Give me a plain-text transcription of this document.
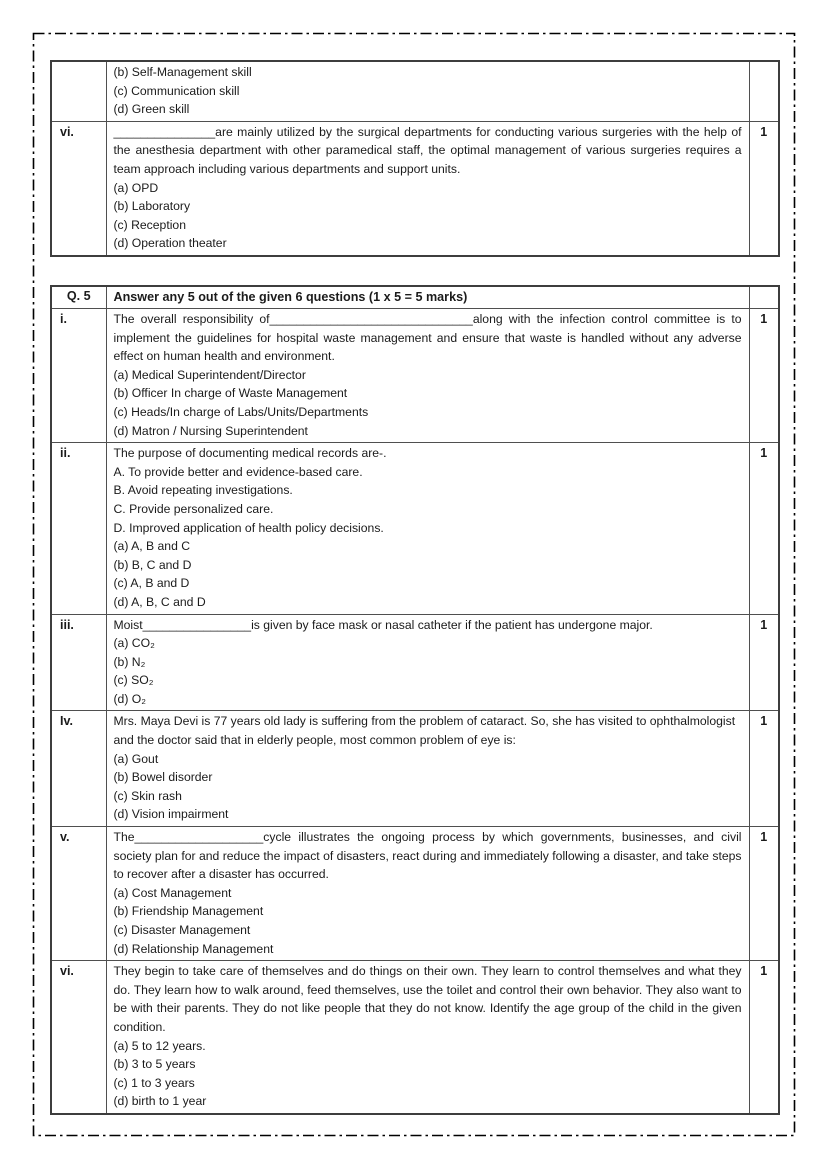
	(b) Self-Management skill
(c) Communication skill
(d) Green skill	

vi.	_______________are mainly utilized by the surgical departments for conducting various surgeries with the help of the anesthesia department with other paramedical staff, the optimal management of various surgeries requires a team approach including various departments and support units.
(a) OPD
(b) Laboratory
(c) Reception
(d) Operation theater	1
Q. 5	Answer any 5 out of the given 6 questions (1 x 5 = 5 marks)	
i.	The overall responsibility of______________________________along with the infection control committee is to implement the guidelines for hospital waste management and ensure that waste is handled without any adverse effect on human health and environment.
(a) Medical Superintendent/Director
(b) Officer In charge of Waste Management
(c) Heads/In charge of Labs/Units/Departments
(d) Matron / Nursing Superintendent	1
ii.	The purpose of documenting medical records are-.
A. To provide better and evidence-based care.
B. Avoid repeating investigations.
C. Provide personalized care.
D. Improved application of health policy decisions.
(a) A, B and C
(b) B, C and D
(c) A, B and D
(d) A, B, C and D
	1
iii.	Moist________________is given by face mask or nasal catheter if the patient has undergone major.
(a) CO₂
(b) N₂
(c) SO₂
(d) O₂	1
Iv.	Mrs. Maya Devi is 77 years old lady is suffering from the problem of cataract. So, she has visited to ophthalmologist and the doctor said that in elderly people, most common problem of eye is:
(a) Gout
(b) Bowel disorder
(c) Skin rash
(d) Vision impairment	1
v.	The___________________cycle illustrates the ongoing process by which governments, businesses, and civil society plan for and reduce the impact of disasters, react during and immediately following a disaster, and take steps to recover after a disaster has occurred.
(a) Cost Management
(b) Friendship Management
(c) Disaster Management
(d) Relationship Management	1
vi.	They begin to take care of themselves and do things on their own. They learn to control themselves and what they do. They learn how to walk around, feed themselves, use the toilet and control their own behavior. They also want to be with their parents. They do not like people that they do not know. Identify the age group of the child in the given condition.
(a) 5 to 12 years.
(b) 3 to 5 years
(c) 1 to 3 years
(d) birth to 1 year	1
